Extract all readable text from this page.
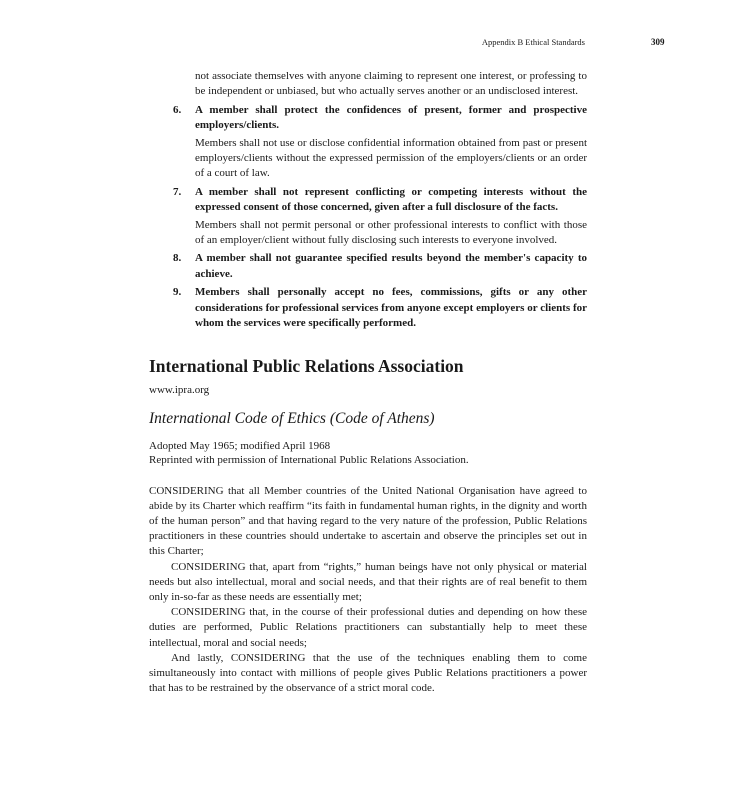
Appendix B Ethical Standards	309
not associate themselves with anyone claiming to represent one interest, or professing to be independent or unbiased, but who actually serves another or an undisclosed interest.
6. A member shall protect the confidences of present, former and prospective employers/clients.
Members shall not use or disclose confidential information obtained from past or present employers/clients without the expressed permission of the employers/clients or an order of a court of law.
7. A member shall not represent conflicting or competing interests without the expressed consent of those concerned, given after a full disclosure of the facts.
Members shall not permit personal or other professional interests to conflict with those of an employer/client without fully disclosing such interests to everyone involved.
8. A member shall not guarantee specified results beyond the member's capacity to achieve.
9. Members shall personally accept no fees, commissions, gifts or any other considerations for professional services from anyone except employers or clients for whom the services were specifically performed.
International Public Relations Association
www.ipra.org
International Code of Ethics (Code of Athens)
Adopted May 1965; modified April 1968
Reprinted with permission of International Public Relations Association.

CONSIDERING that all Member countries of the United National Organisation have agreed to abide by its Charter which reaffirm “its faith in fundamental human rights, in the dignity and worth of the human person” and that having regard to the very nature of the profession, Public Relations practitioners in these countries should undertake to ascertain and observe the principles set out in this Charter;

CONSIDERING that, apart from “rights,” human beings have not only physical or material needs but also intellectual, moral and social needs, and that their rights are of real benefit to them only in-so-far as these needs are essentially met;

CONSIDERING that, in the course of their professional duties and depending on how these duties are performed, Public Relations practitioners can substantially help to meet these intellectual, moral and social needs;

And lastly, CONSIDERING that the use of the techniques enabling them to come simultaneously into contact with millions of people gives Public Relations practitioners a power that has to be restrained by the observance of a strict moral code.
